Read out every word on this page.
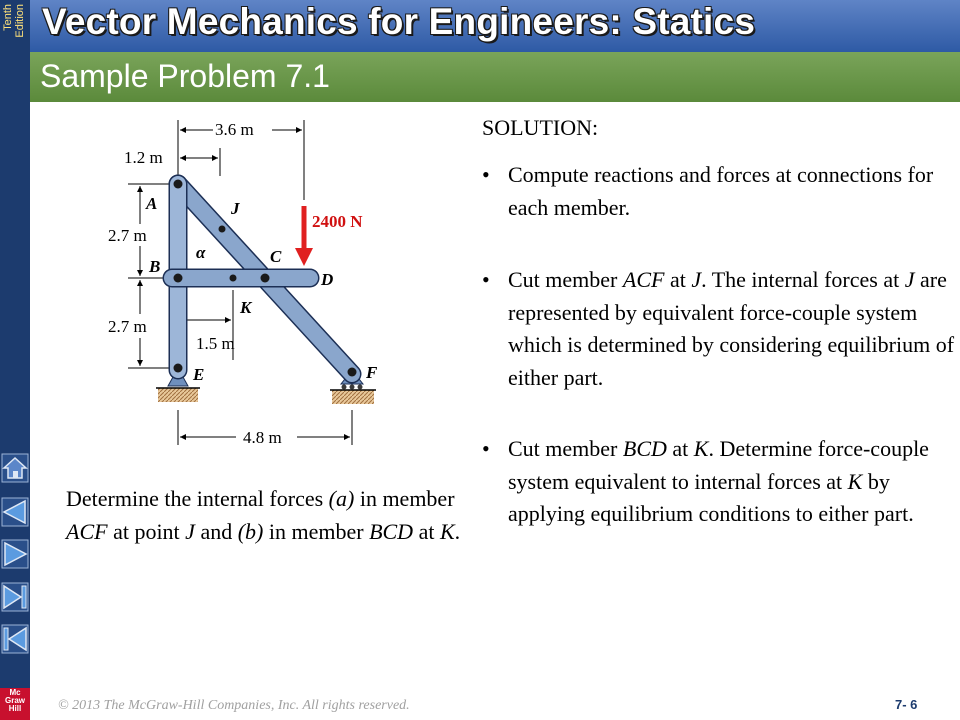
Tenth Edition
Mc
Graw
Hill
Vector Mechanics for Engineers: Statics
Sample Problem 7.1
3.6 m
1.2 m
2.7 m
2.7 m
1.5 m
4.8 m
2400 N
A
B
C
D
E	F
J
K
α
Determine the internal forces (a) in member ACF at point J and (b) in member BCD at K.
SOLUTION:
• Compute reactions and forces at connections for each member.
• Cut member ACF at J. The internal forces at J are represented by equivalent force-couple system which is determined by considering equilibrium of either part.
• Cut member BCD at K. Determine force-couple system equivalent to internal forces at K by applying equilibrium conditions to either part.
© 2013 The McGraw-Hill Companies, Inc. All rights reserved.	7- 6
